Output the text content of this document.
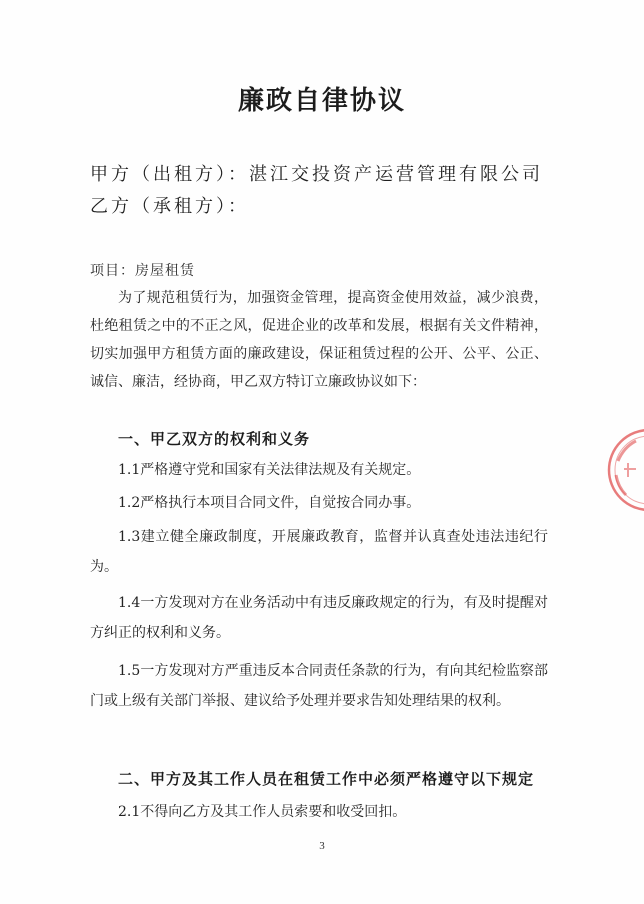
廉政自律协议
甲方（出租方）：湛江交投资产运营管理有限公司
乙方（承租方）：
项目：房屋租赁

为了规范租赁行为，加强资金管理，提高资金使用效益，减少浪费，杜绝租赁之中的不正之风，促进企业的改革和发展，根据有关文件精神，切实加强甲方租赁方面的廉政建设，保证租赁过程的公开、公平、公正、诚信、廉洁，经协商，甲乙双方特订立廉政协议如下：

一、甲乙双方的权利和义务

1.1严格遵守党和国家有关法律法规及有关规定。

1.2严格执行本项目合同文件，自觉按合同办事。

1.3建立健全廉政制度，开展廉政教育，监督并认真查处违法违纪行为。

1.4一方发现对方在业务活动中有违反廉政规定的行为，有及时提醒对方纠正的权利和义务。

1.5一方发现对方严重违反本合同责任条款的行为，有向其纪检监察部门或上级有关部门举报、建议给予处理并要求告知处理结果的权利。

二、甲方及其工作人员在租赁工作中必须严格遵守以下规定

2.1不得向乙方及其工作人员索要和收受回扣。

3
